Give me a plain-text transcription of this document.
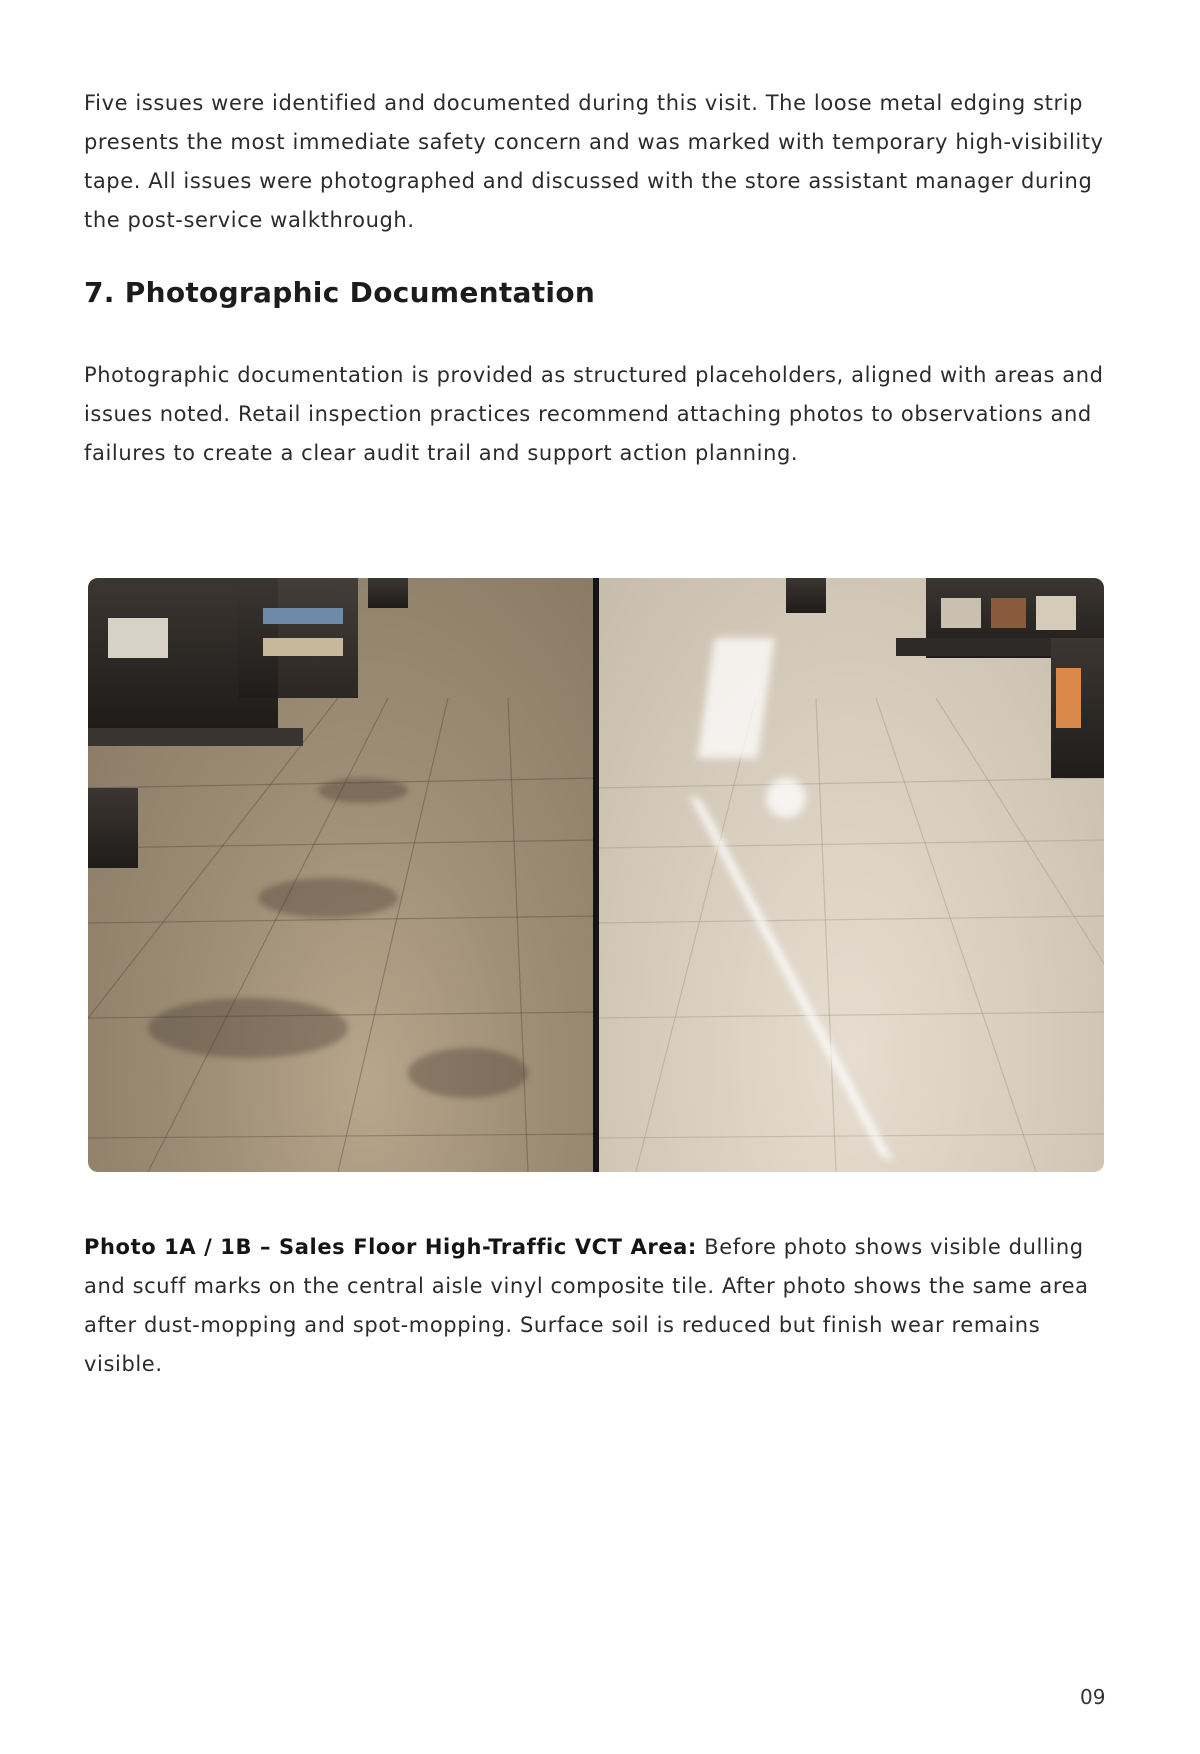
Five issues were identified and documented during this visit. The loose metal edging strip presents the most immediate safety concern and was marked with temporary high-visibility tape. All issues were photographed and discussed with the store assistant manager during the post-service walkthrough.

7. Photographic Documentation

Photographic documentation is provided as structured placeholders, aligned with areas and issues noted. Retail inspection practices recommend attaching photos to observations and failures to create a clear audit trail and support action planning.

Photo 1A / 1B – Sales Floor High-Traffic VCT Area: Before photo shows visible dulling and scuff marks on the central aisle vinyl composite tile. After photo shows the same area after dust-mopping and spot-mopping. Surface soil is reduced but finish wear remains visible.

09
